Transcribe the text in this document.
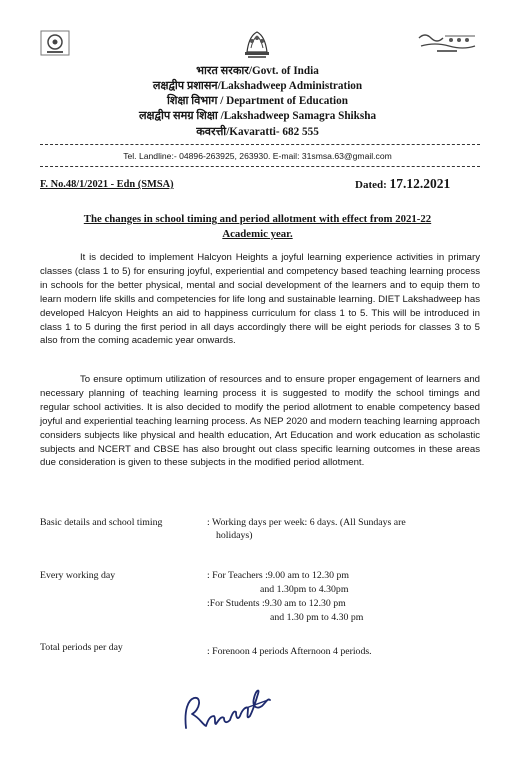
भारत सरकार/Govt. of India
लक्षद्वीप प्रशासन/Lakshadweep Administration
शिक्षा विभाग / Department of Education
लक्षद्वीप समग्र शिक्षा /Lakshadweep Samagra Shiksha
कवरत्ती/Kavaratti- 682 555
Tel. Landline:- 04896-263925, 263930. E-mail: 31smsa.63@gmail.com
F. No.48/1/2021 - Edn (SMSA)	Dated: 17.12.2021
The changes in school timing and period allotment with effect from 2021-22
Academic year.

It is decided to implement Halcyon Heights a joyful learning experience activities in primary classes (class 1 to 5) for ensuring joyful, experiential and competency based teaching learning process in schools for the better physical, mental and social development of the learners and to equip them to learn modern life skills and competencies for life long and sustainable learning. DIET Lakshadweep has developed Halcyon Heights an aid to happiness curriculum for class 1 to 5. This will be introduced in class 1 to 5 during the first period in all days accordingly there will be eight periods for classes 3 to 5 also from the coming academic year onwards.

To ensure optimum utilization of resources and to ensure proper engagement of learners and necessary planning of teaching learning process it is suggested to modify the school timings and regular school activities. It is also decided to modify the period allotment to enable competency based joyful and experiential teaching learning process. As NEP 2020 and modern teaching learning approach considers subjects like physical and health education, Art Education and work education as scholastic subjects and NCERT and CBSE has also brought out class specific learning outcomes in these areas due consideration is given to these subjects in the modified period allotment.

Basic details and school timing	: Working days per week: 6 days. (All Sundays are
holidays)
Every working day	: For Teachers :9.00 am to 12.30 pm
and 1.30pm to 4.30pm
:For Students :9.30 am to 12.30 pm
and 1.30 pm to 4.30 pm
Total periods per day	: Forenoon 4 periods Afternoon 4 periods.
